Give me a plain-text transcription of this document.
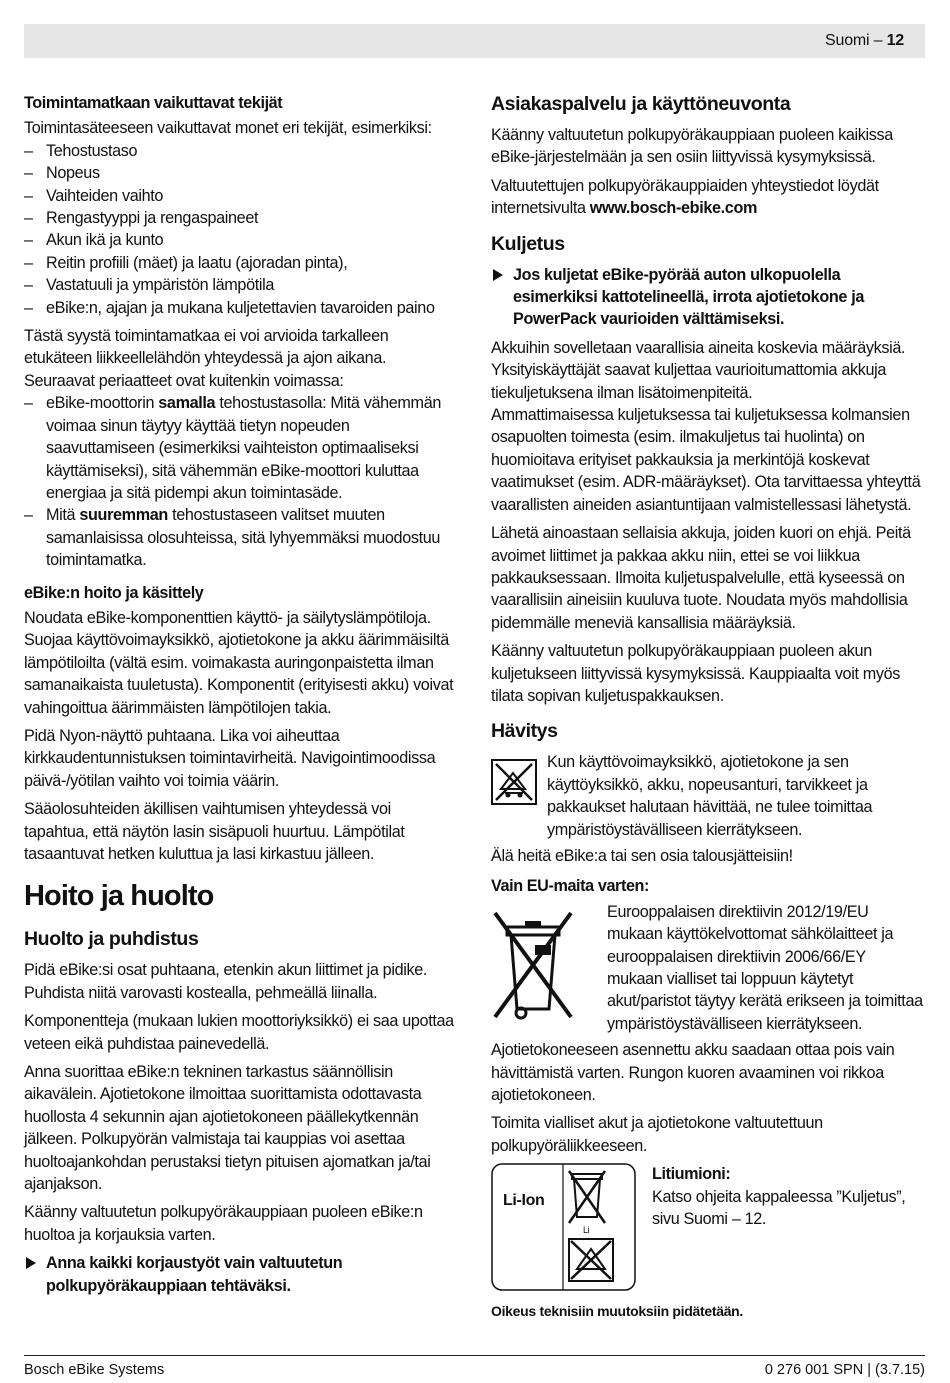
Suomi – 12
Toimintamatkaan vaikuttavat tekijät

Toimintasäteeseen vaikuttavat monet eri tekijät, esimerkiksi:

– Tehostustaso
– Nopeus
– Vaihteiden vaihto
– Rengastyyppi ja rengaspaineet
– Akun ikä ja kunto
– Reitin profiili (mäet) ja laatu (ajoradan pinta),
– Vastatuuli ja ympäristön lämpötila
– eBike:n, ajajan ja mukana kuljetettavien tavaroiden paino

Tästä syystä toimintamatkaa ei voi arvioida tarkalleen etukäteen liikkeellelähdön yhteydessä ja ajon aikana. Seuraavat periaatteet ovat kuitenkin voimassa:

– eBike-moottorin samalla tehostustasolla: Mitä vähemmän voimaa sinun täytyy käyttää tietyn nopeuden saavuttamiseen (esimerkiksi vaihteiston optimaaliseksi käyttämiseksi), sitä vähemmän eBike-moottori kuluttaa energiaa ja sitä pidempi akun toimintasäde.
– Mitä suuremman tehostustaseen valitset muuten samanlaisissa olosuhteissa, sitä lyhyemmäksi muodostuu toimintamatka.
eBike:n hoito ja käsittely

Noudata eBike-komponenttien käyttö- ja säilytyslämpötiloja. Suojaa käyttövoimayksikkö, ajotietokone ja akku äärimmäisiltä lämpötiloilta (vältä esim. voimakasta auringonpaistetta ilman samanaikaista tuuletusta). Komponentit (erityisesti akku) voivat vahingoittua äärimmäisten lämpötilojen takia.

Pidä Nyon-näyttö puhtaana. Lika voi aiheuttaa kirkkaudentunnistuksen toimintavirheitä. Navigointimoodissa päivä-/yötilan vaihto voi toimia väärin.

Sääolosuhteiden äkillisen vaihtumisen yhteydessä voi tapahtua, että näytön lasin sisäpuoli huurtuu. Lämpötilat tasaantuvat hetken kuluttua ja lasi kirkastuu jälleen.

Hoito ja huolto
Huolto ja puhdistus

Pidä eBike:si osat puhtaana, etenkin akun liittimet ja pidike. Puhdista niitä varovasti kostealla, pehmeällä liinalla.

Komponentteja (mukaan lukien moottoriyksikkö) ei saa upottaa veteen eikä puhdistaa painevedellä.

Anna suorittaa eBike:n tekninen tarkastus säännöllisin aikavälein. Ajotietokone ilmoittaa suorittamista odottavasta huollosta 4 sekunnin ajan ajotietokoneen päällekytkennän jälkeen. Polkupyörän valmistaja tai kauppias voi asettaa huoltoajankohdan perustaksi tietyn pituisen ajomatkan ja/tai ajanjakson.

Käänny valtuutetun polkupyöräkauppiaan puoleen eBike:n huoltoa ja korjauksia varten.

Anna kaikki korjaustyöt vain valtuutetun polkupyöräkauppiaan tehtäväksi.
Asiakaspalvelu ja käyttöneuvonta

Käänny valtuutetun polkupyöräkauppiaan puoleen kaikissa eBike-järjestelmään ja sen osiin liittyvissä kysymyksissä.

Valtuutettujen polkupyöräkauppiaiden yhteystiedot löydät internetsivulta www.bosch-ebike.com

Kuljetus
Jos kuljetat eBike-pyörää auton ulkopuolella esimerkiksi kattotelineellä, irrota ajotietokone ja PowerPack vaurioiden välttämiseksi.

Akkuihin sovelletaan vaarallisia aineita koskevia määräyksiä. Yksityiskäyttäjät saavat kuljettaa vaurioitumattomia akkuja tiekuljetuksena ilman lisätoimenpiteitä.

Ammattimaisessa kuljetuksessa tai kuljetuksessa kolmansien osapuolten toimesta (esim. ilmakuljetus tai huolinta) on huomioitava erityiset pakkauksia ja merkintöjä koskevat vaatimukset (esim. ADR-määräykset). Ota tarvittaessa yhteyttä vaarallisten aineiden asiantuntijaan valmistellessasi lähetystä.

Lähetä ainoastaan sellaisia akkuja, joiden kuori on ehjä. Peitä avoimet liittimet ja pakkaa akku niin, ettei se voi liikkua pakkauksessaan. Ilmoita kuljetuspalvelulle, että kyseessä on vaarallisiin aineisiin kuuluva tuote. Noudata myös mahdollisia pidemmälle meneviä kansallisia määräyksiä.

Käänny valtuutetun polkupyöräkauppiaan puoleen akun kuljetukseen liittyvissä kysymyksissä. Kauppiaalta voit myös tilata sopivan kuljetuspakkauksen.

Hävitys

Kun käyttövoimayksikkö, ajotietokone ja sen käyttöyksikkö, akku, nopeusanturi, tarvikkeet ja pakkaukset halutaan hävittää, ne tulee toimittaa ympäristöystävälliseen kierrätykseen.

Älä heitä eBike:a tai sen osia talousjätteisiin!

Vain EU-maita varten:

Eurooppalaisen direktiivin 2012/19/EU mukaan käyttökelvottomat sähkölaitteet ja eurooppalaisen direktiivin 2006/66/EY mukaan vialliset tai loppuun käytetyt akut/paristot täytyy kerätä erikseen ja toimittaa ympäristöystävälliseen kierrätykseen.

Ajotietokoneeseen asennettu akku saadaan ottaa pois vain hävittämistä varten. Rungon kuoren avaaminen voi rikkoa ajotietokoneen.

Toimita vialliset akut ja ajotietokone valtuutettuun polkupyöräliikkeeseen.

Li-Ion
Li
Litiumioni:

Katso ohjeita kappaleessa ”Kuljetus”, sivu Suomi – 12.

Oikeus teknisiin muutoksiin pidätetään.
Bosch eBike Systems	0 276 001 SPN | (3.7.15)
